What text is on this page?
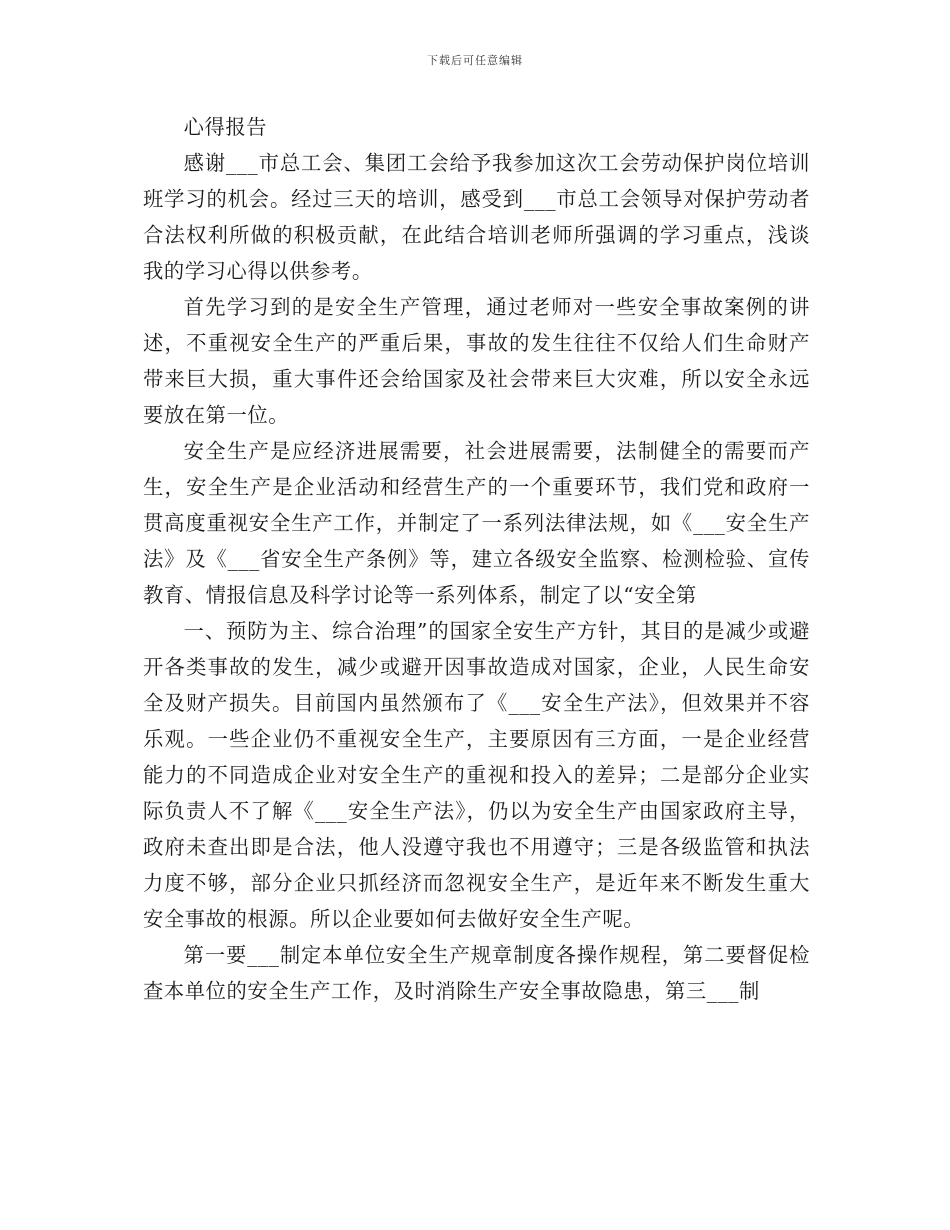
下载后可任意编辑

心得报告

感谢___市总工会、集团工会给予我参加这次工会劳动保护岗位培训班学习的机会。经过三天的培训，感受到___市总工会领导对保护劳动者合法权利所做的积极贡献，在此结合培训老师所强调的学习重点，浅谈我的学习心得以供参考。

首先学习到的是安全生产管理，通过老师对一些安全事故案例的讲述，不重视安全生产的严重后果，事故的发生往往不仅给人们生命财产带来巨大损，重大事件还会给国家及社会带来巨大灾难，所以安全永远要放在第一位。

安全生产是应经济进展需要，社会进展需要，法制健全的需要而产生，安全生产是企业活动和经营生产的一个重要环节，我们党和政府一贯高度重视安全生产工作，并制定了一系列法律法规，如《___安全生产法》及《___省安全生产条例》等，建立各级安全监察、检测检验、宣传教育、情报信息及科学讨论等一系列体系，制定了以“安全第

一、预防为主、综合治理”的国家全安生产方针，其目的是减少或避开各类事故的发生，减少或避开因事故造成对国家，企业，人民生命安全及财产损失。目前国内虽然颁布了《___安全生产法》，但效果并不容乐观。一些企业仍不重视安全生产，主要原因有三方面，一是企业经营能力的不同造成企业对安全生产的重视和投入的差异；二是部分企业实际负责人不了解《___安全生产法》，仍以为安全生产由国家政府主导，政府未查出即是合法，他人没遵守我也不用遵守；三是各级监管和执法力度不够，部分企业只抓经济而忽视安全生产，是近年来不断发生重大安全事故的根源。所以企业要如何去做好安全生产呢。

第一要___制定本单位安全生产规章制度各操作规程，第二要督促检查本单位的安全生产工作，及时消除生产安全事故隐患，第三___制
